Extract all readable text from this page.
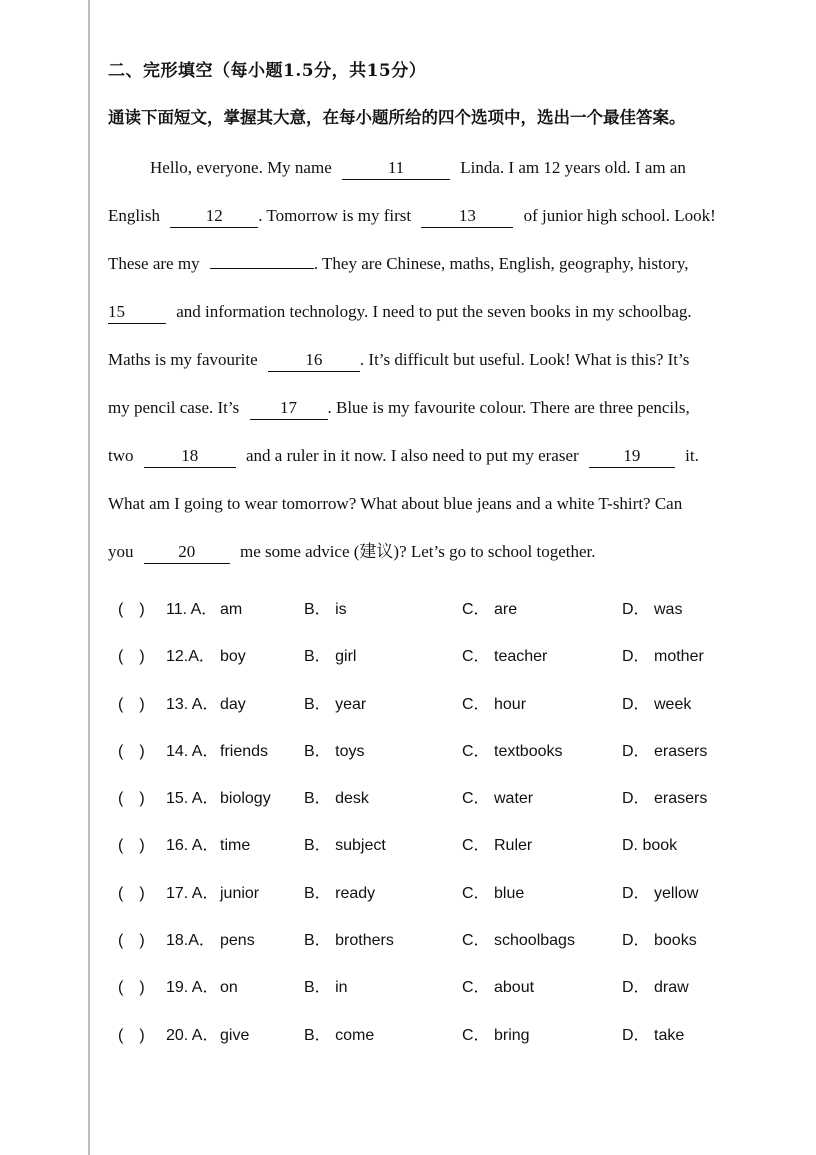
二、完形填空（每小题1.5分，共15分）
通读下面短文，掌握其大意，在每小题所给的四个选项中，选出一个最佳答案。
Hello, everyone. My name	11	Linda. I am 12 years old. I am an
English	12 . Tomorrow is my first	13	of junior high school. Look!
These are my	. They are Chinese, maths, English, geography, history,
15	and information technology. I need to put the seven books in my schoolbag.
Maths is my favourite	16 . It’s difficult but useful. Look! What is this? It’s
my pencil case. It’s 17 . Blue is my favourite colour. There are three pencils,
two	18	and a ruler in it now. I also need to put my eraser	19	it.
What am I going to wear tomorrow? What about blue jeans and a white T-shirt? Can
you	20	me some advice (建议)? Let’s go to school together.
(　) 11. A． am	B． is	C． are	D． was
(　) 12.A． boy	B． girl	C． teacher	D． mother
(　) 13. A． day	B． year	C． hour	D． week
(　) 14. A． friends B． toys	C． textbooks	D． erasers
(　) 15. A． biology B． desk	C． water	D． erasers
(　) 16. A． time	B． subject	C． Ruler	D. book
(　) 17. A． junior	B． ready	C． blue	D． yellow
(　) 18.A． pens	B． brothers	C． schoolbags	D． books
(　) 19. A． on	B． in	C． about	D． draw
(　) 20. A． give	B． come	C． bring	D． take
